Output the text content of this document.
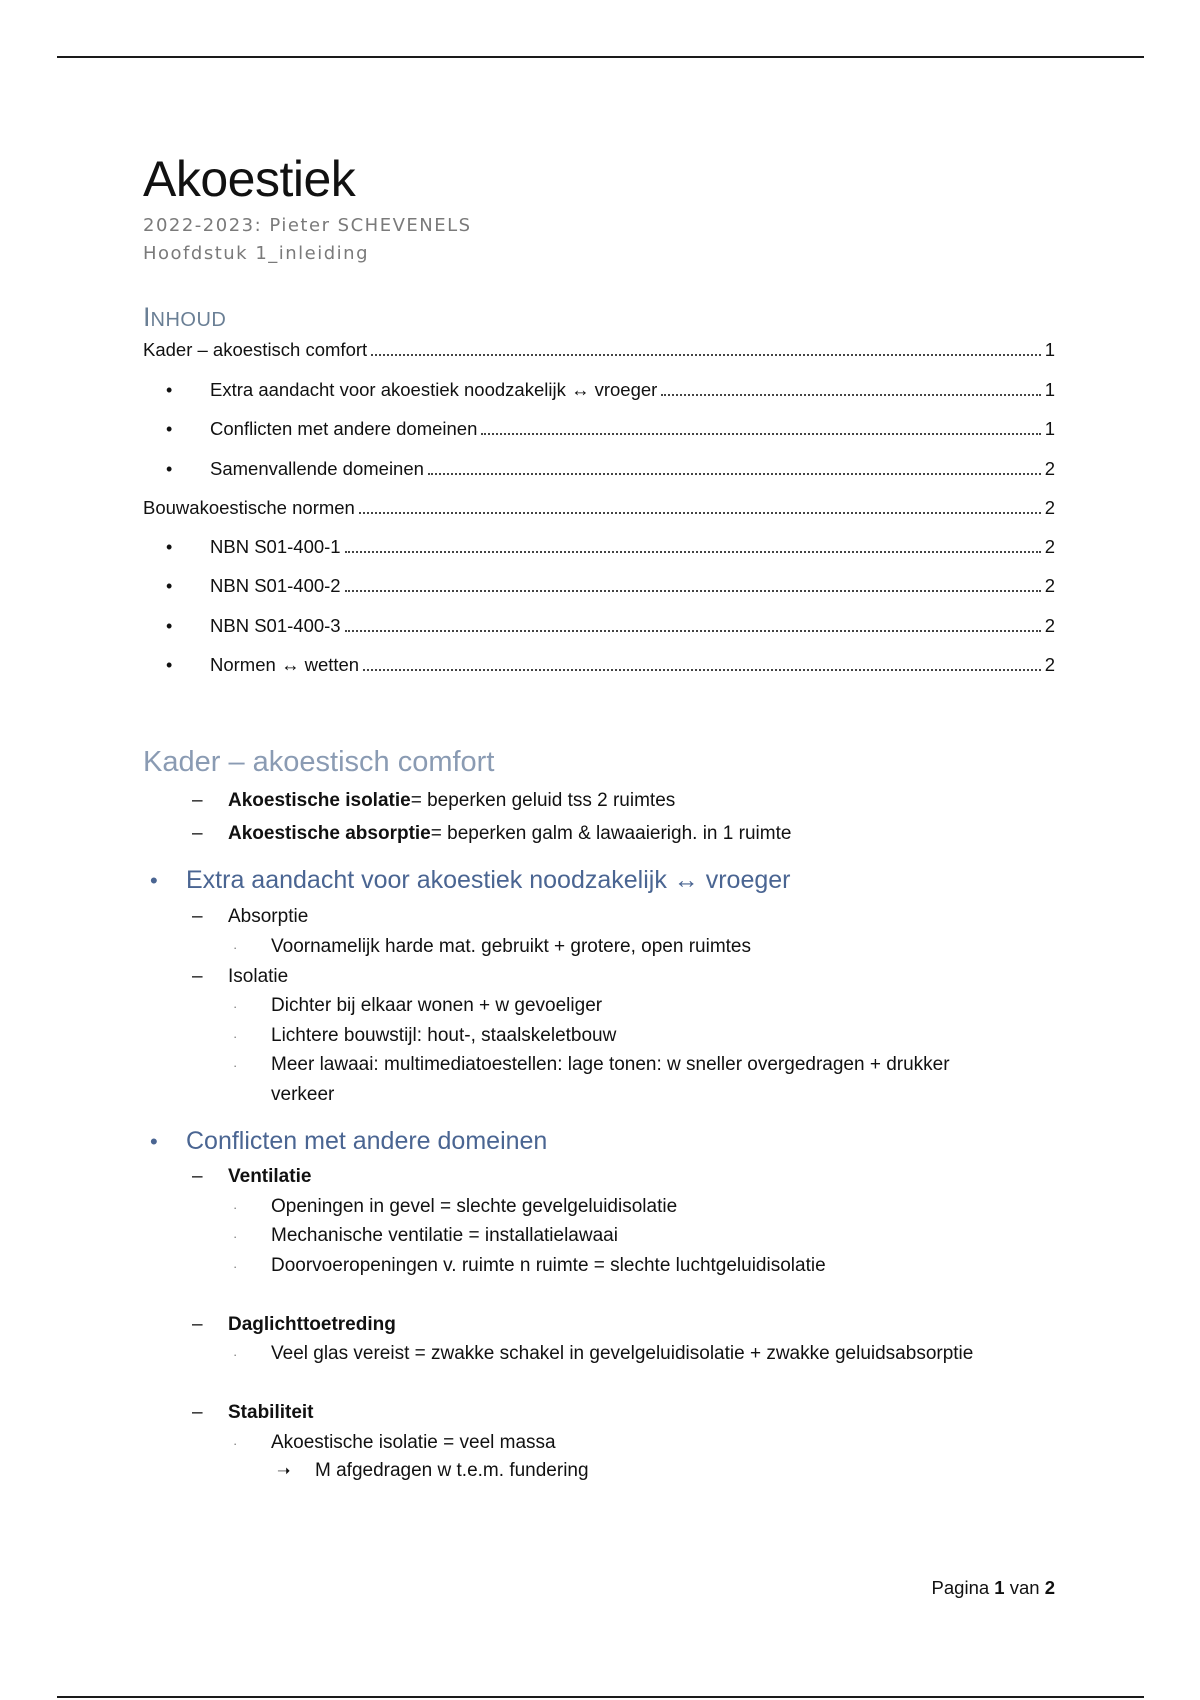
Akoestiek
2022-2023: Pieter SCHEVENELS
Hoofdstuk 1_inleiding
INHOUD
Kader – akoestisch comfort	1
•	Extra aandacht voor akoestiek noodzakelijk ↔ vroeger	1
•	Conflicten met andere domeinen	1
•	Samenvallende domeinen	2
Bouwakoestische normen	2
•	NBN S01-400-1	2
•	NBN S01-400-2	2
•	NBN S01-400-3	2
•	Normen ↔ wetten	2
Kader – akoestisch comfort
–	Akoestische isolatie = beperken geluid tss 2 ruimtes
–	Akoestische absorptie = beperken galm & lawaaierigh. in 1 ruimte
•	Extra aandacht voor akoestiek noodzakelijk ↔ vroeger
–	Absorptie
·	Voornamelijk harde mat. gebruikt + grotere, open ruimtes
–	Isolatie
·	Dichter bij elkaar wonen + w gevoeliger
·	Lichtere bouwstijl: hout-, staalskeletbouw
·	Meer lawaai: multimediatoestellen: lage tonen: w sneller overgedragen + drukker
verkeer
•	Conflicten met andere domeinen
–	Ventilatie
·	Openingen in gevel = slechte gevelgeluidisolatie
·	Mechanische ventilatie = installatielawaai
·	Doorvoeropeningen v. ruimte n ruimte = slechte luchtgeluidisolatie
–	Daglichttoetreding
·	Veel glas vereist = zwakke schakel in gevelgeluidisolatie + zwakke geluidsabsorptie
–	Stabiliteit
·	Akoestische isolatie = veel massa
➝	M afgedragen w t.e.m. fundering
Pagina 1 van 2
